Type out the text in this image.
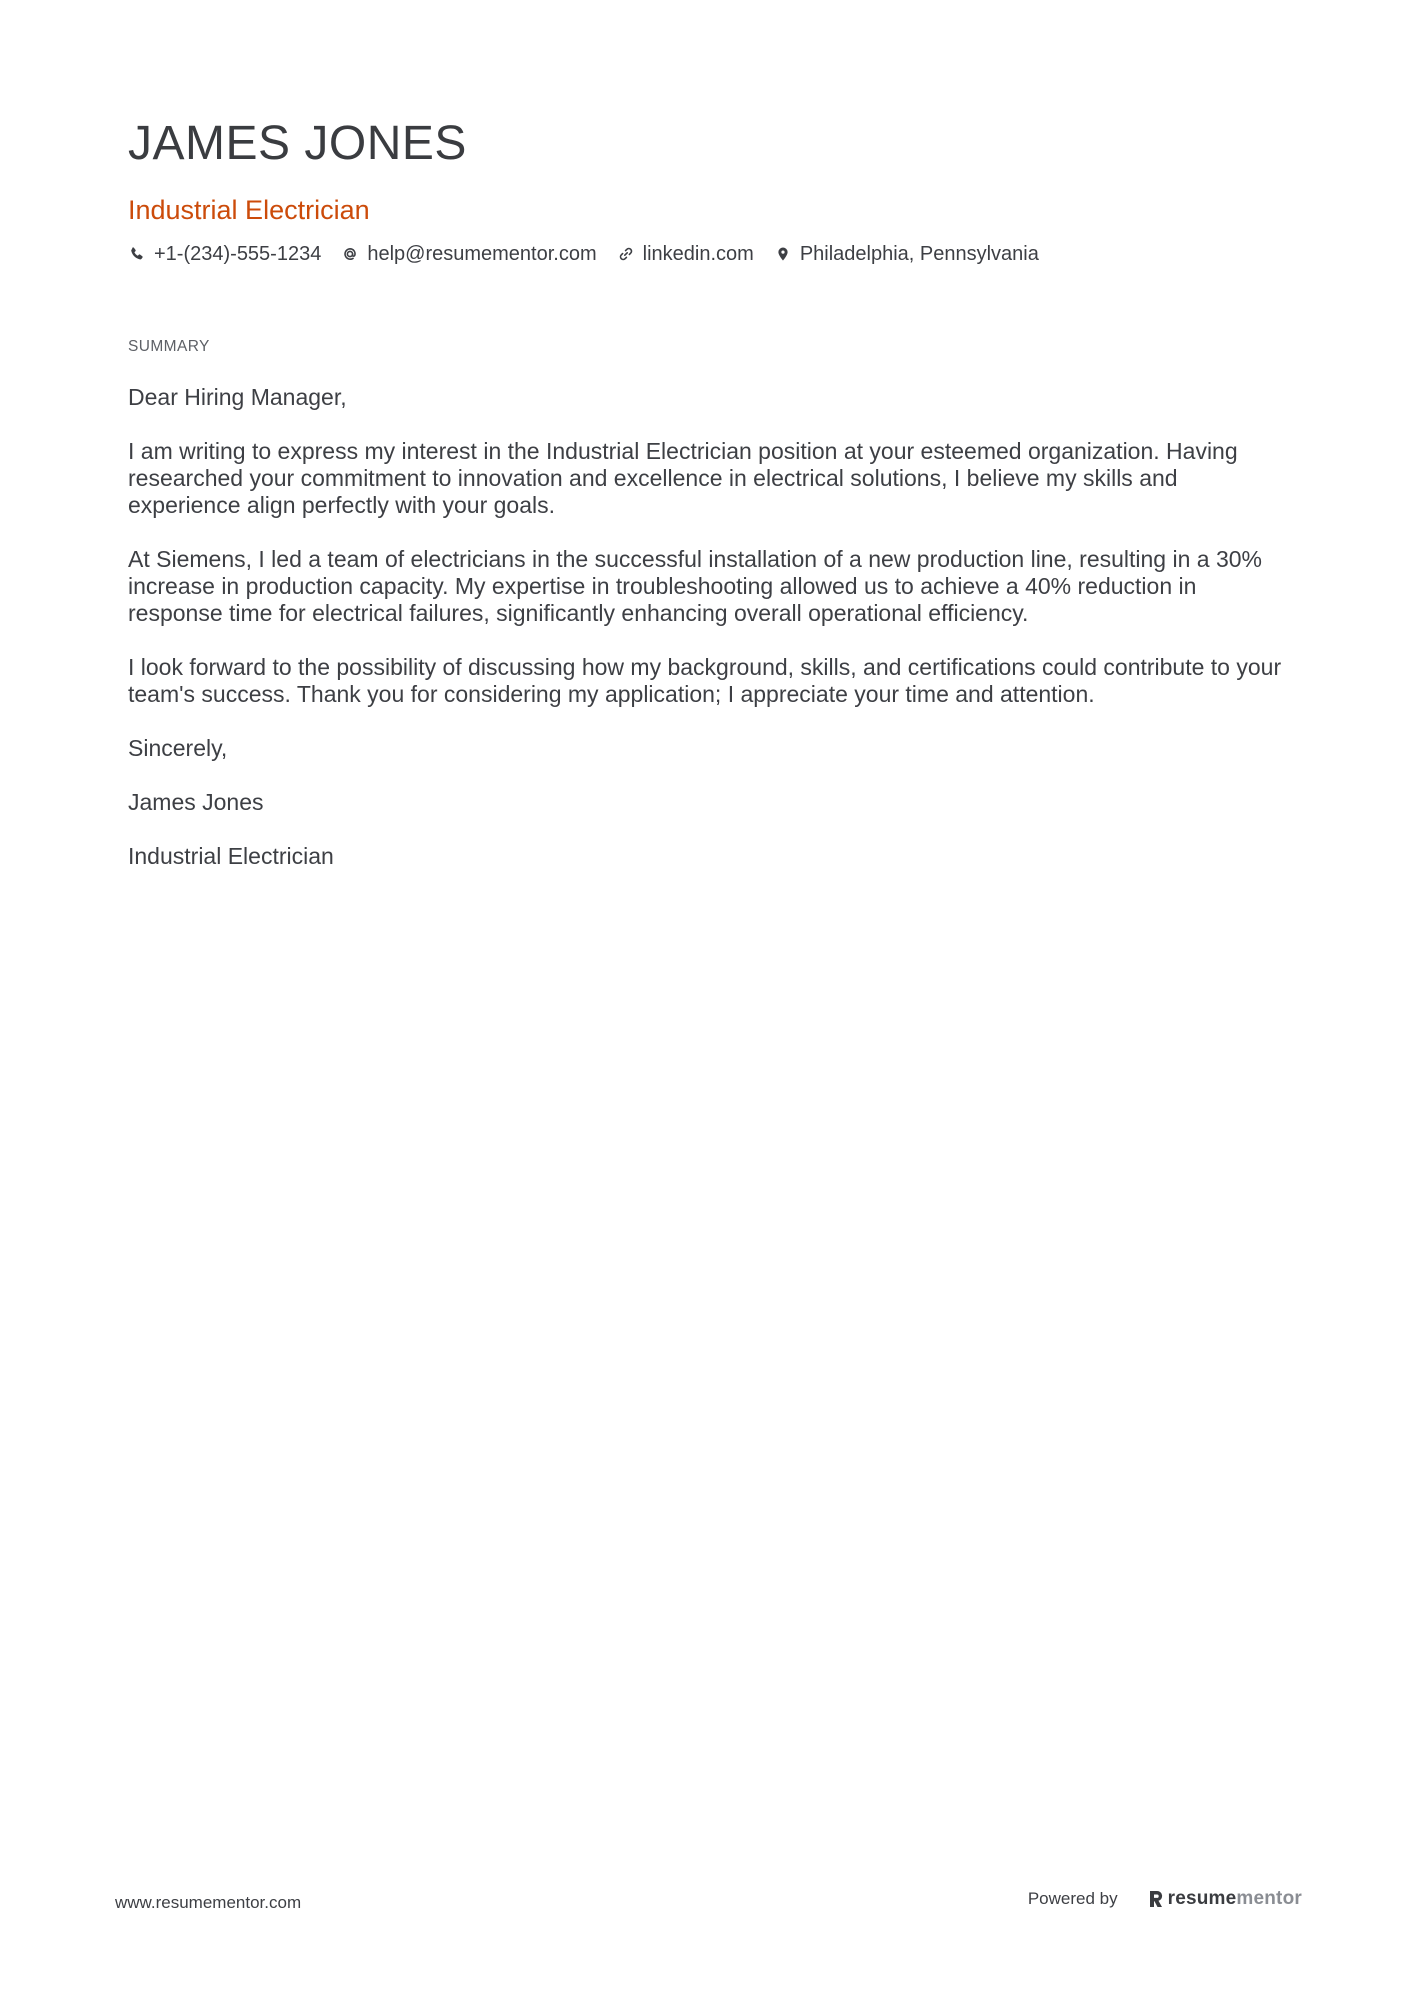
JAMES JONES
Industrial Electrician
+1-(234)-555-1234 help@resumementor.com linkedin.com Philadelphia, Pennsylvania
SUMMARY

Dear Hiring Manager,

I am writing to express my interest in the Industrial Electrician position at your esteemed organization. Having researched your commitment to innovation and excellence in electrical solutions, I believe my skills and experience align perfectly with your goals.

At Siemens, I led a team of electricians in the successful installation of a new production line, resulting in a 30% increase in production capacity. My expertise in troubleshooting allowed us to achieve a 40% reduction in response time for electrical failures, significantly enhancing overall operational efficiency.

I look forward to the possibility of discussing how my background, skills, and certifications could contribute to your team's success. Thank you for considering my application; I appreciate your time and attention.

Sincerely,

James Jones

Industrial Electrician

www.resumementor.com	Powered by	resume mentor
